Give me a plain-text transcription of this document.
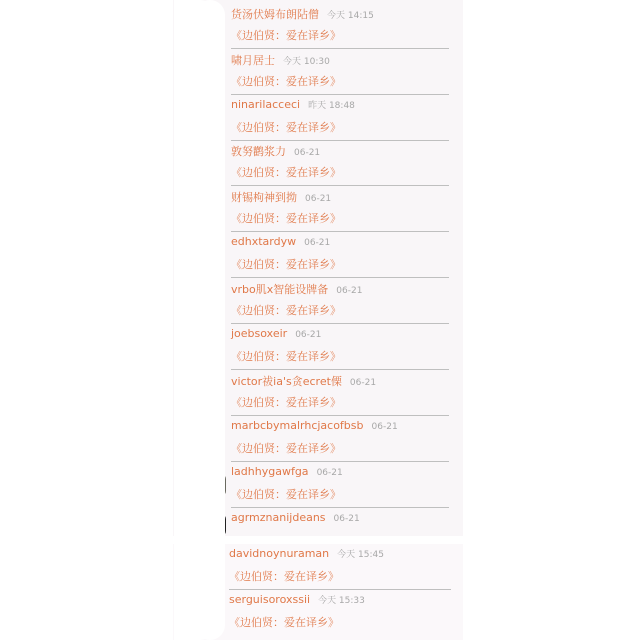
货汤伏姆布朗阽僧 今天 14:15
《边伯贤：爱在译乡》
啸月居士 今天 10:30
《边伯贤：爱在译乡》
ninarilacceci 昨天 18:48
《边伯贤：爱在译乡》
敦努鹳浆力 06-21
《边伯贤：爱在译乡》
财锡枸神到拗 06-21
《边伯贤：爱在译乡》
edhxtardyw 06-21
《边伯贤：爱在译乡》
vrbo肌x智能设牌备 06-21
《边伯贤：爱在译乡》
joebsoxeir 06-21
《边伯贤：爱在译乡》
victor祓ia's贪ecret傈 06-21
《边伯贤：爱在译乡》
marbcbymalrhcjacofbsb 06-21
《边伯贤：爱在译乡》
ladhhygawfga 06-21
《边伯贤：爱在译乡》
agrmznanijdeans 06-21
davidnoynuraman 今天 15:45
《边伯贤：爱在译乡》
serguisoroxssii 今天 15:33
《边伯贤：爱在译乡》
